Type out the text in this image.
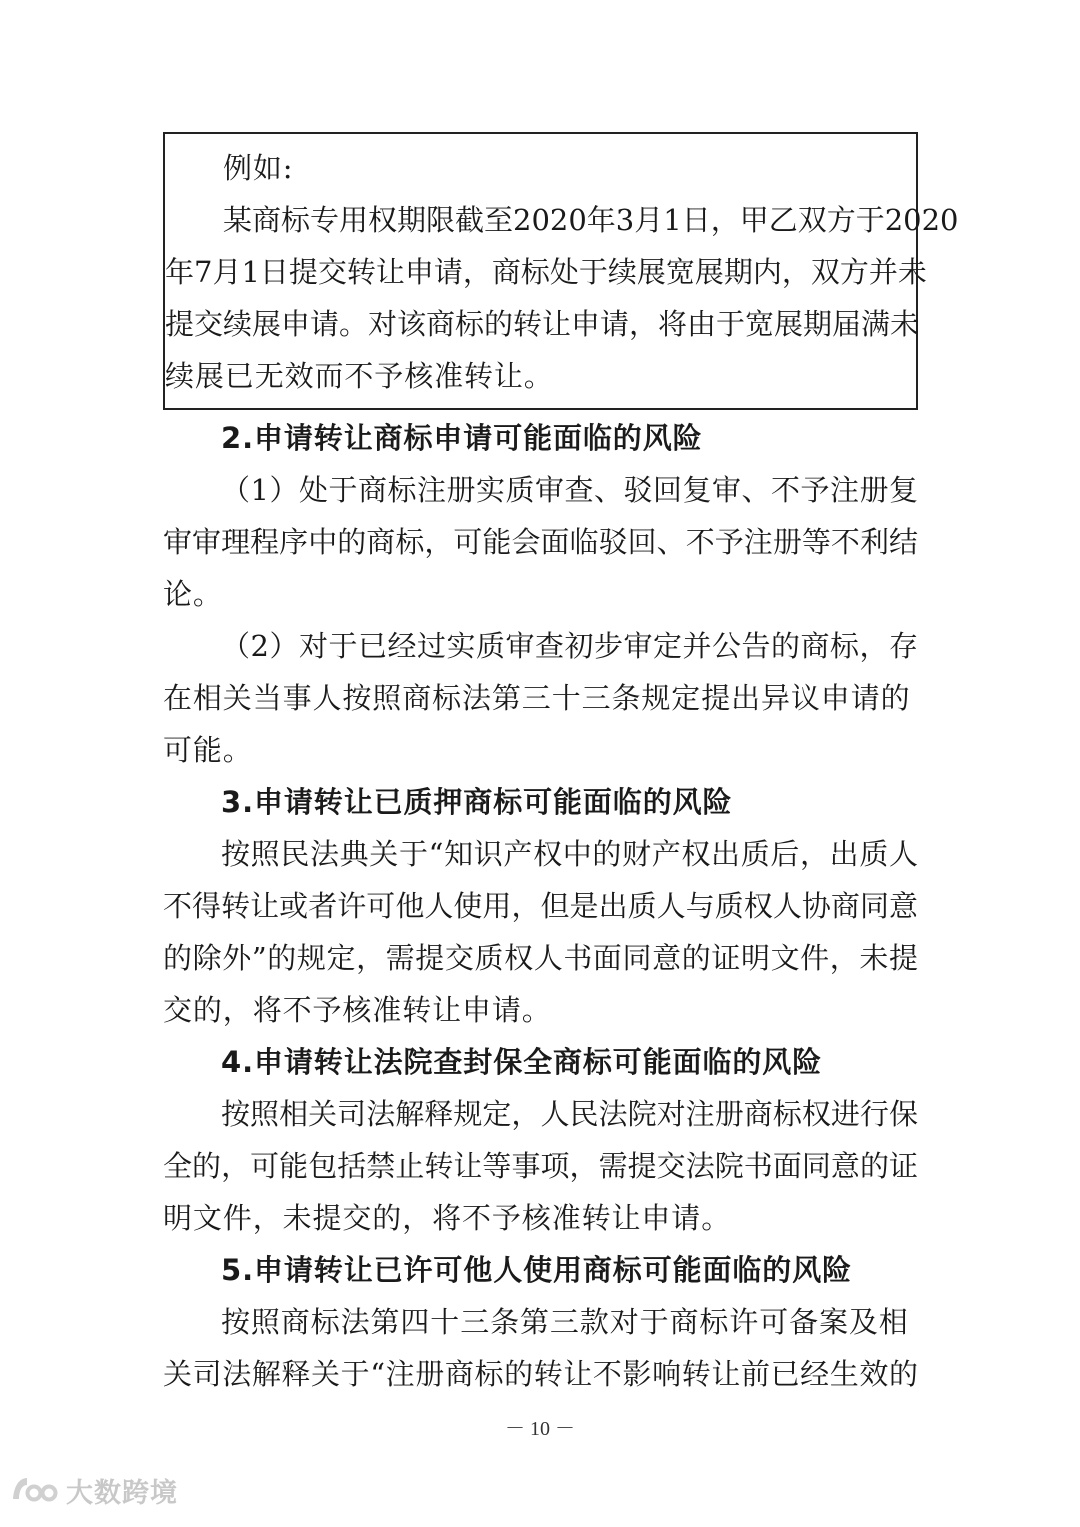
例如:
某商标专用权期限截至2020年3月1日，甲乙双方于2020
年7月1日提交转让申请，商标处于续展宽展期内，双方并未
提交续展申请。对该商标的转让申请，将由于宽展期届满未
续展已无效而不予核准转让。
2.申请转让商标申请可能面临的风险
（1）处于商标注册实质审查、驳回复审、不予注册复
审审理程序中的商标，可能会面临驳回、不予注册等不利结
论。
（2）对于已经过实质审查初步审定并公告的商标，存
在相关当事人按照商标法第三十三条规定提出异议申请的
可能。
3.申请转让已质押商标可能面临的风险
按照民法典关于“知识产权中的财产权出质后，出质人
不得转让或者许可他人使用，但是出质人与质权人协商同意
的除外”的规定，需提交质权人书面同意的证明文件，未提
交的，将不予核准转让申请。
4.申请转让法院查封保全商标可能面临的风险
按照相关司法解释规定，人民法院对注册商标权进行保
全的，可能包括禁止转让等事项，需提交法院书面同意的证
明文件，未提交的，将不予核准转让申请。
5.申请转让已许可他人使用商标可能面临的风险
按照商标法第四十三条第三款对于商标许可备案及相
关司法解释关于“注册商标的转让不影响转让前已经生效的
－ 10 －
大数跨境
